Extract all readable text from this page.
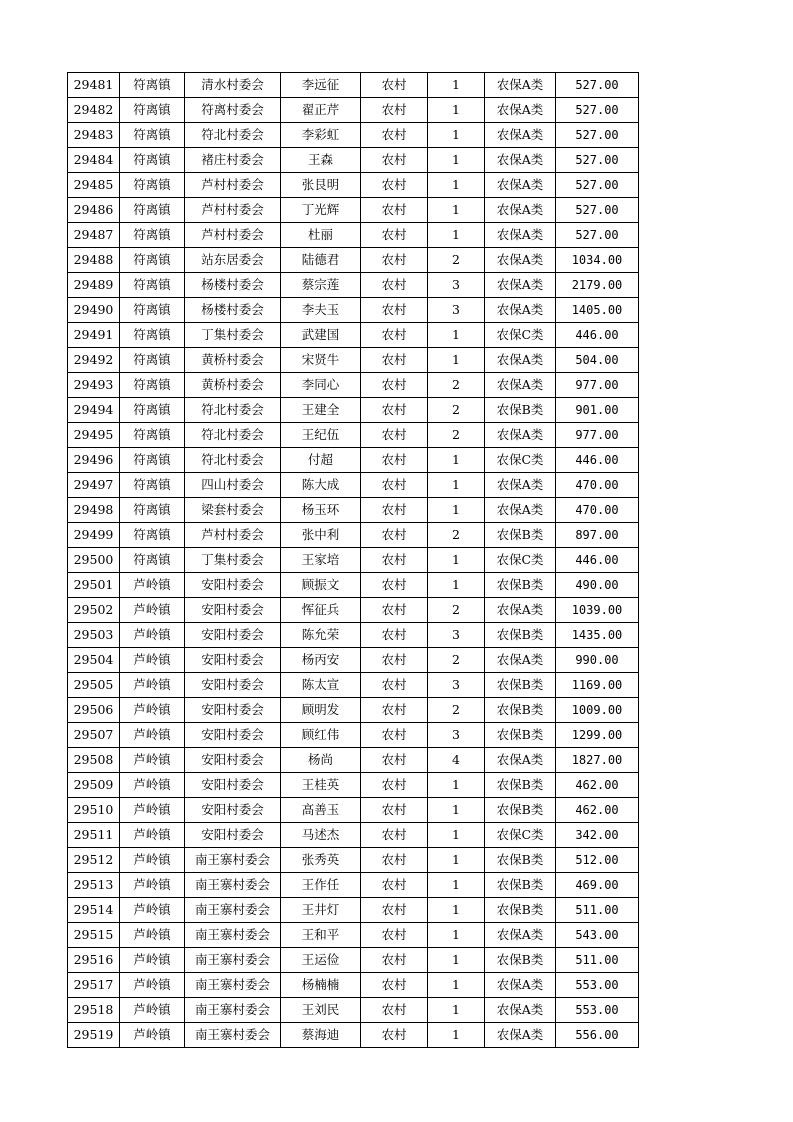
29481	符离镇	清水村委会	李远征	农村	1	农保A类	527.00
29482	符离镇	符离村委会	翟正芹	农村	1	农保A类	527.00
29483	符离镇	符北村委会	李彩虹	农村	1	农保A类	527.00
29484	符离镇	褚庄村委会	王森	农村	1	农保A类	527.00
29485	符离镇	芦村村委会	张艮明	农村	1	农保A类	527.00
29486	符离镇	芦村村委会	丁光辉	农村	1	农保A类	527.00
29487	符离镇	芦村村委会	杜丽	农村	1	农保A类	527.00
29488	符离镇	站东居委会	陆德君	农村	2	农保A类	1034.00
29489	符离镇	杨楼村委会	蔡宗莲	农村	3	农保A类	2179.00
29490	符离镇	杨楼村委会	李夫玉	农村	3	农保A类	1405.00
29491	符离镇	丁集村委会	武建国	农村	1	农保C类	446.00
29492	符离镇	黄桥村委会	宋贤牛	农村	1	农保A类	504.00
29493	符离镇	黄桥村委会	李同心	农村	2	农保A类	977.00
29494	符离镇	符北村委会	王建全	农村	2	农保B类	901.00
29495	符离镇	符北村委会	王纪伍	农村	2	农保A类	977.00
29496	符离镇	符北村委会	付超	农村	1	农保C类	446.00
29497	符离镇	四山村委会	陈大成	农村	1	农保A类	470.00
29498	符离镇	梁套村委会	杨玉环	农村	1	农保A类	470.00
29499	符离镇	芦村村委会	张中利	农村	2	农保B类	897.00
29500	符离镇	丁集村委会	王家培	农村	1	农保C类	446.00
29501	芦岭镇	安阳村委会	顾振文	农村	1	农保B类	490.00
29502	芦岭镇	安阳村委会	恽征兵	农村	2	农保A类	1039.00
29503	芦岭镇	安阳村委会	陈允荣	农村	3	农保B类	1435.00
29504	芦岭镇	安阳村委会	杨丙安	农村	2	农保A类	990.00
29505	芦岭镇	安阳村委会	陈太宣	农村	3	农保B类	1169.00
29506	芦岭镇	安阳村委会	顾明发	农村	2	农保B类	1009.00
29507	芦岭镇	安阳村委会	顾红伟	农村	3	农保B类	1299.00
29508	芦岭镇	安阳村委会	杨尚	农村	4	农保A类	1827.00
29509	芦岭镇	安阳村委会	王桂英	农村	1	农保B类	462.00
29510	芦岭镇	安阳村委会	高善玉	农村	1	农保B类	462.00
29511	芦岭镇	安阳村委会	马述杰	农村	1	农保C类	342.00
29512	芦岭镇	南王寨村委会	张秀英	农村	1	农保B类	512.00
29513	芦岭镇	南王寨村委会	王作任	农村	1	农保B类	469.00
29514	芦岭镇	南王寨村委会	王井灯	农村	1	农保B类	511.00
29515	芦岭镇	南王寨村委会	王和平	农村	1	农保A类	543.00
29516	芦岭镇	南王寨村委会	王运俭	农村	1	农保B类	511.00
29517	芦岭镇	南王寨村委会	杨楠楠	农村	1	农保A类	553.00
29518	芦岭镇	南王寨村委会	王刘民	农村	1	农保A类	553.00
29519	芦岭镇	南王寨村委会	蔡海迪	农村	1	农保A类	556.00
